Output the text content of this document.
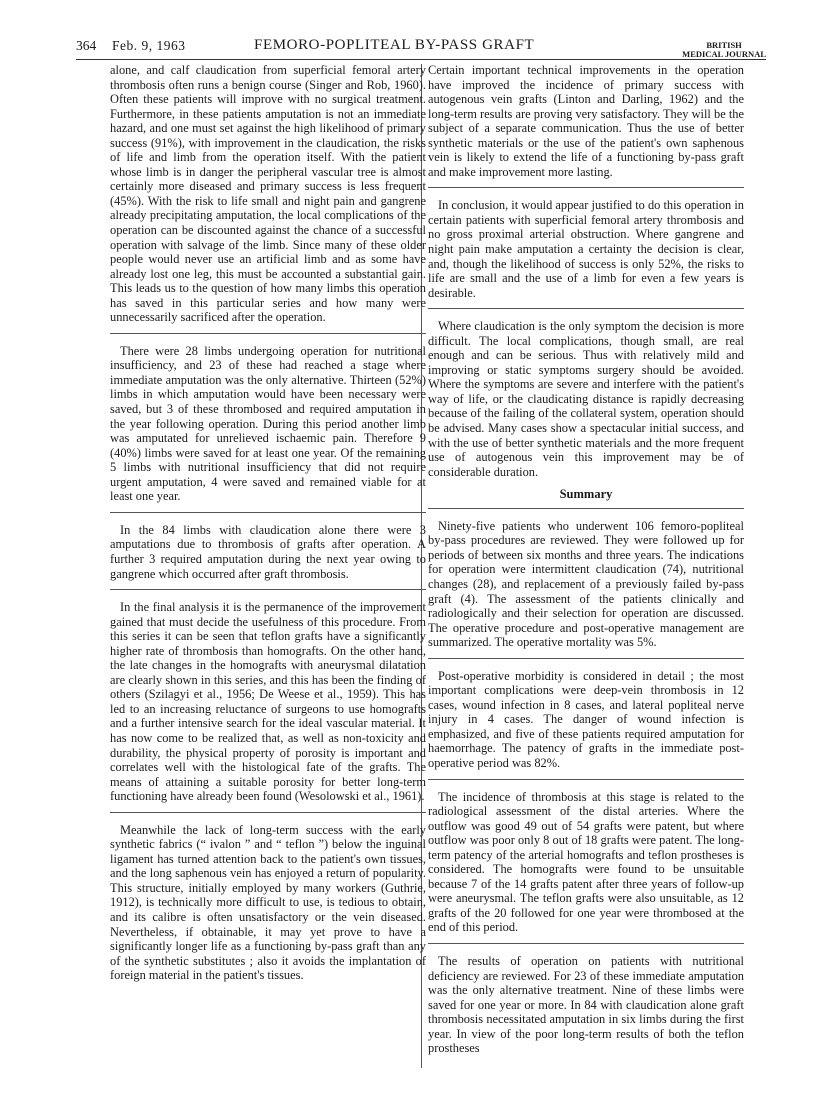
364 Feb. 9, 1963	FEMORO-POPLITEAL BY-PASS GRAFT	BRITISH
MEDICAL JOURNAL

alone, and calf claudication from superficial femoral artery thrombosis often runs a benign course (Singer and Rob, 1960). Often these patients will improve with no surgical treatment. Furthermore, in these patients amputation is not an immediate hazard, and one must set against the high likelihood of primary success (91%), with improvement in the claudication, the risks of life and limb from the operation itself. With the patient whose limb is in danger the peripheral vascular tree is almost certainly more diseased and primary success is less frequent (45%). With the risk to life small and night pain and gangrene already precipitating amputation, the local complications of the operation can be discounted against the chance of a successful operation with salvage of the limb. Since many of these older people would never use an artificial limb and as some have already lost one leg, this must be accounted a substantial gain. This leads us to the question of how many limbs this operation has saved in this particular series and how many were unnecessarily sacrificed after the operation.

There were 28 limbs undergoing operation for nutritional insufficiency, and 23 of these had reached a stage where immediate amputation was the only alternative. Thirteen (52%) limbs in which amputation would have been necessary were saved, but 3 of these thrombosed and required amputation in the year following operation. During this period another limb was amputated for unrelieved ischaemic pain. Therefore 9 (40%) limbs were saved for at least one year. Of the remaining 5 limbs with nutritional insufficiency that did not require urgent amputation, 4 were saved and remained viable for at least one year.

In the 84 limbs with claudication alone there were 3 amputations due to thrombosis of grafts after operation. A further 3 required amputation during the next year owing to gangrene which occurred after graft thrombosis.

In the final analysis it is the permanence of the improvement gained that must decide the usefulness of this procedure. From this series it can be seen that teflon grafts have a significantly higher rate of thrombosis than homografts. On the other hand, the late changes in the homografts with aneurysmal dilatation are clearly shown in this series, and this has been the finding of others (Szilagyi et al., 1956; De Weese et al., 1959). This has led to an increasing reluctance of surgeons to use homografts and a further intensive search for the ideal vascular material. It has now come to be realized that, as well as non-toxicity and durability, the physical property of porosity is important and correlates well with the histological fate of the grafts. The means of attaining a suitable porosity for better long-term functioning have already been found (Wesolowski et al., 1961).

Meanwhile the lack of long-term success with the early synthetic fabrics (“ ivalon ” and “ teflon ”) below the inguinal ligament has turned attention back to the patient's own tissues, and the long saphenous vein has enjoyed a return of popularity. This structure, initially employed by many workers (Guthrie, 1912), is technically more difficult to use, is tedious to obtain, and its calibre is often unsatisfactory or the vein diseased. Nevertheless, if obtainable, it may yet prove to have a significantly longer life as a functioning by-pass graft than any of the synthetic substitutes ; also it avoids the implantation of foreign material in the patient's tissues.

Certain important technical improvements in the operation have improved the incidence of primary success with autogenous vein grafts (Linton and Darling, 1962) and the long-term results are proving very satisfactory. They will be the subject of a separate communication. Thus the use of better synthetic materials or the use of the patient's own saphenous vein is likely to extend the life of a functioning by-pass graft and make improvement more lasting.

In conclusion, it would appear justified to do this operation in certain patients with superficial femoral artery thrombosis and no gross proximal arterial obstruction. Where gangrene and night pain make amputation a certainty the decision is clear, and, though the likelihood of success is only 52%, the risks to life are small and the use of a limb for even a few years is desirable.

Where claudication is the only symptom the decision is more difficult. The local complications, though small, are real enough and can be serious. Thus with relatively mild and improving or static symptoms surgery should be avoided. Where the symptoms are severe and interfere with the patient's way of life, or the claudicating distance is rapidly decreasing because of the failing of the collateral system, operation should be advised. Many cases show a spectacular initial success, and with the use of better synthetic materials and the more frequent use of autogenous vein this improvement may be of considerable duration.

Summary

Ninety-five patients who underwent 106 femoro-popliteal by-pass procedures are reviewed. They were followed up for periods of between six months and three years. The indications for operation were intermittent claudication (74), nutritional changes (28), and replacement of a previously failed by-pass graft (4). The assessment of the patients clinically and radiologically and their selection for operation are discussed. The operative procedure and post-operative management are summarized. The operative mortality was 5%.

Post-operative morbidity is considered in detail ; the most important complications were deep-vein thrombosis in 12 cases, wound infection in 8 cases, and lateral popliteal nerve injury in 4 cases. The danger of wound infection is emphasized, and five of these patients required amputation for haemorrhage. The patency of grafts in the immediate post-operative period was 82%.

The incidence of thrombosis at this stage is related to the radiological assessment of the distal arteries. Where the outflow was good 49 out of 54 grafts were patent, but where outflow was poor only 8 out of 18 grafts were patent. The long-term patency of the arterial homografts and teflon prostheses is considered. The homografts were found to be unsuitable because 7 of the 14 grafts patent after three years of follow-up were aneurysmal. The teflon grafts were also unsuitable, as 12 grafts of the 20 followed for one year were thrombosed at the end of this period.

The results of operation on patients with nutritional deficiency are reviewed. For 23 of these immediate amputation was the only alternative treatment. Nine of these limbs were saved for one year or more. In 84 with claudication alone graft thrombosis necessitated amputation in six limbs during the first year. In view of the poor long-term results of both the teflon prostheses
